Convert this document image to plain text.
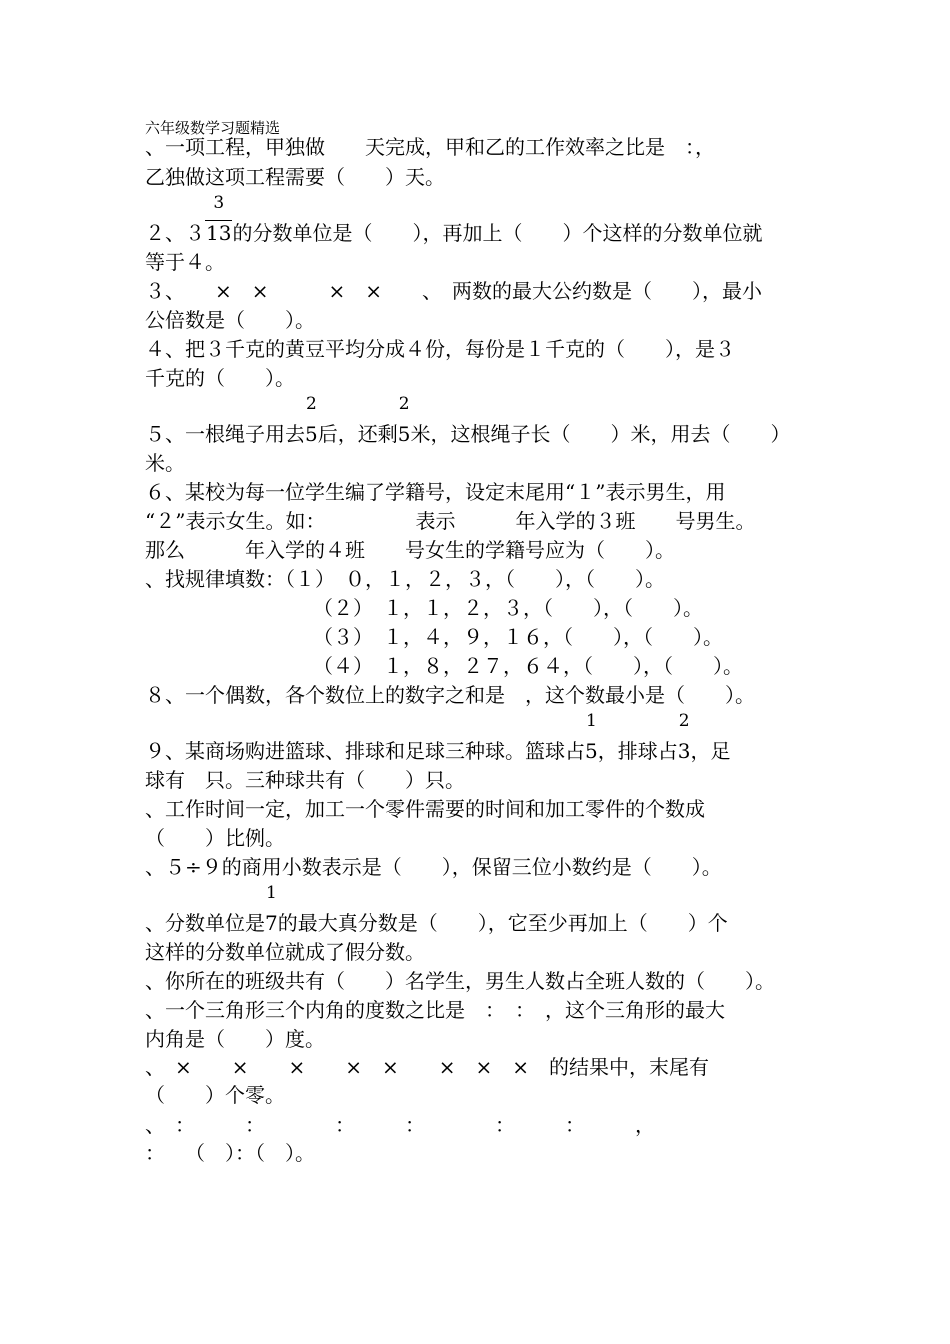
六年级数学习题精选
、一项工程，甲独做　　天完成，甲和乙的工作效率之比是　：，
乙独做这项工程需要（　　）天。
２、$3 \frac{3}{13}$的分数单位是（　　），再加上（　　）个这样的分数单位就
等于４。
３、　　×　×　　　×　×　　、　两数的最大公约数是（　　），最小
公倍数是（　　）。
４、把３千克的黄豆平均分成４份，每份是１千克的（　　），是３
千克的（　　）。
５、一根绳子用去
2
5后，还剩
2
5米，这根绳子长（　　）米，用去（　　）
米。
６、某校为每一位学生编了学籍号，设定末尾用“１”表示男生，用
“２”表示女生。如：　　　　　表示　　　年入学的３班　　号男生。
那么　　　年入学的４班　　号女生的学籍号应为（　　）。
、找规律填数：（１）　０，１，２，３，（　　），（　　）。
（２）　１，１，２，３，（　　），（　　）。
（３）　１，４，９，１６，（　　），（　　）。
（４）　１，８，２７，６４，（　　），（　　）。
８、一个偶数，各个数位上的数字之和是　，这个数最小是（　　）。
９、某商场购进篮球、排球和足球三种球。篮球占
1
5，排球占
2
3，足
球有　只。三种球共有（　　）只。
、工作时间一定，加工一个零件需要的时间和加工零件的个数成
（　　）比例。
、５÷９的商用小数表示是（　　），保留三位小数约是（　　）。
、分数单位是
1
7的最大真分数是（　　），它至少再加上（　　）个
这样的分数单位就成了假分数。
、你所在的班级共有（　　）名学生，男生人数占全班人数的（　　）。
、一个三角形三个内角的度数之比是　：　：　，这个三角形的最大
内角是（　　）度。
、　×　　×　　×　　×　×　　×　×　×　的结果中，末尾有
（　　）个零。
、　：　　　：　　　　：　　　：　　　　：　　　：　　　，
：　　（　）：（　）。
